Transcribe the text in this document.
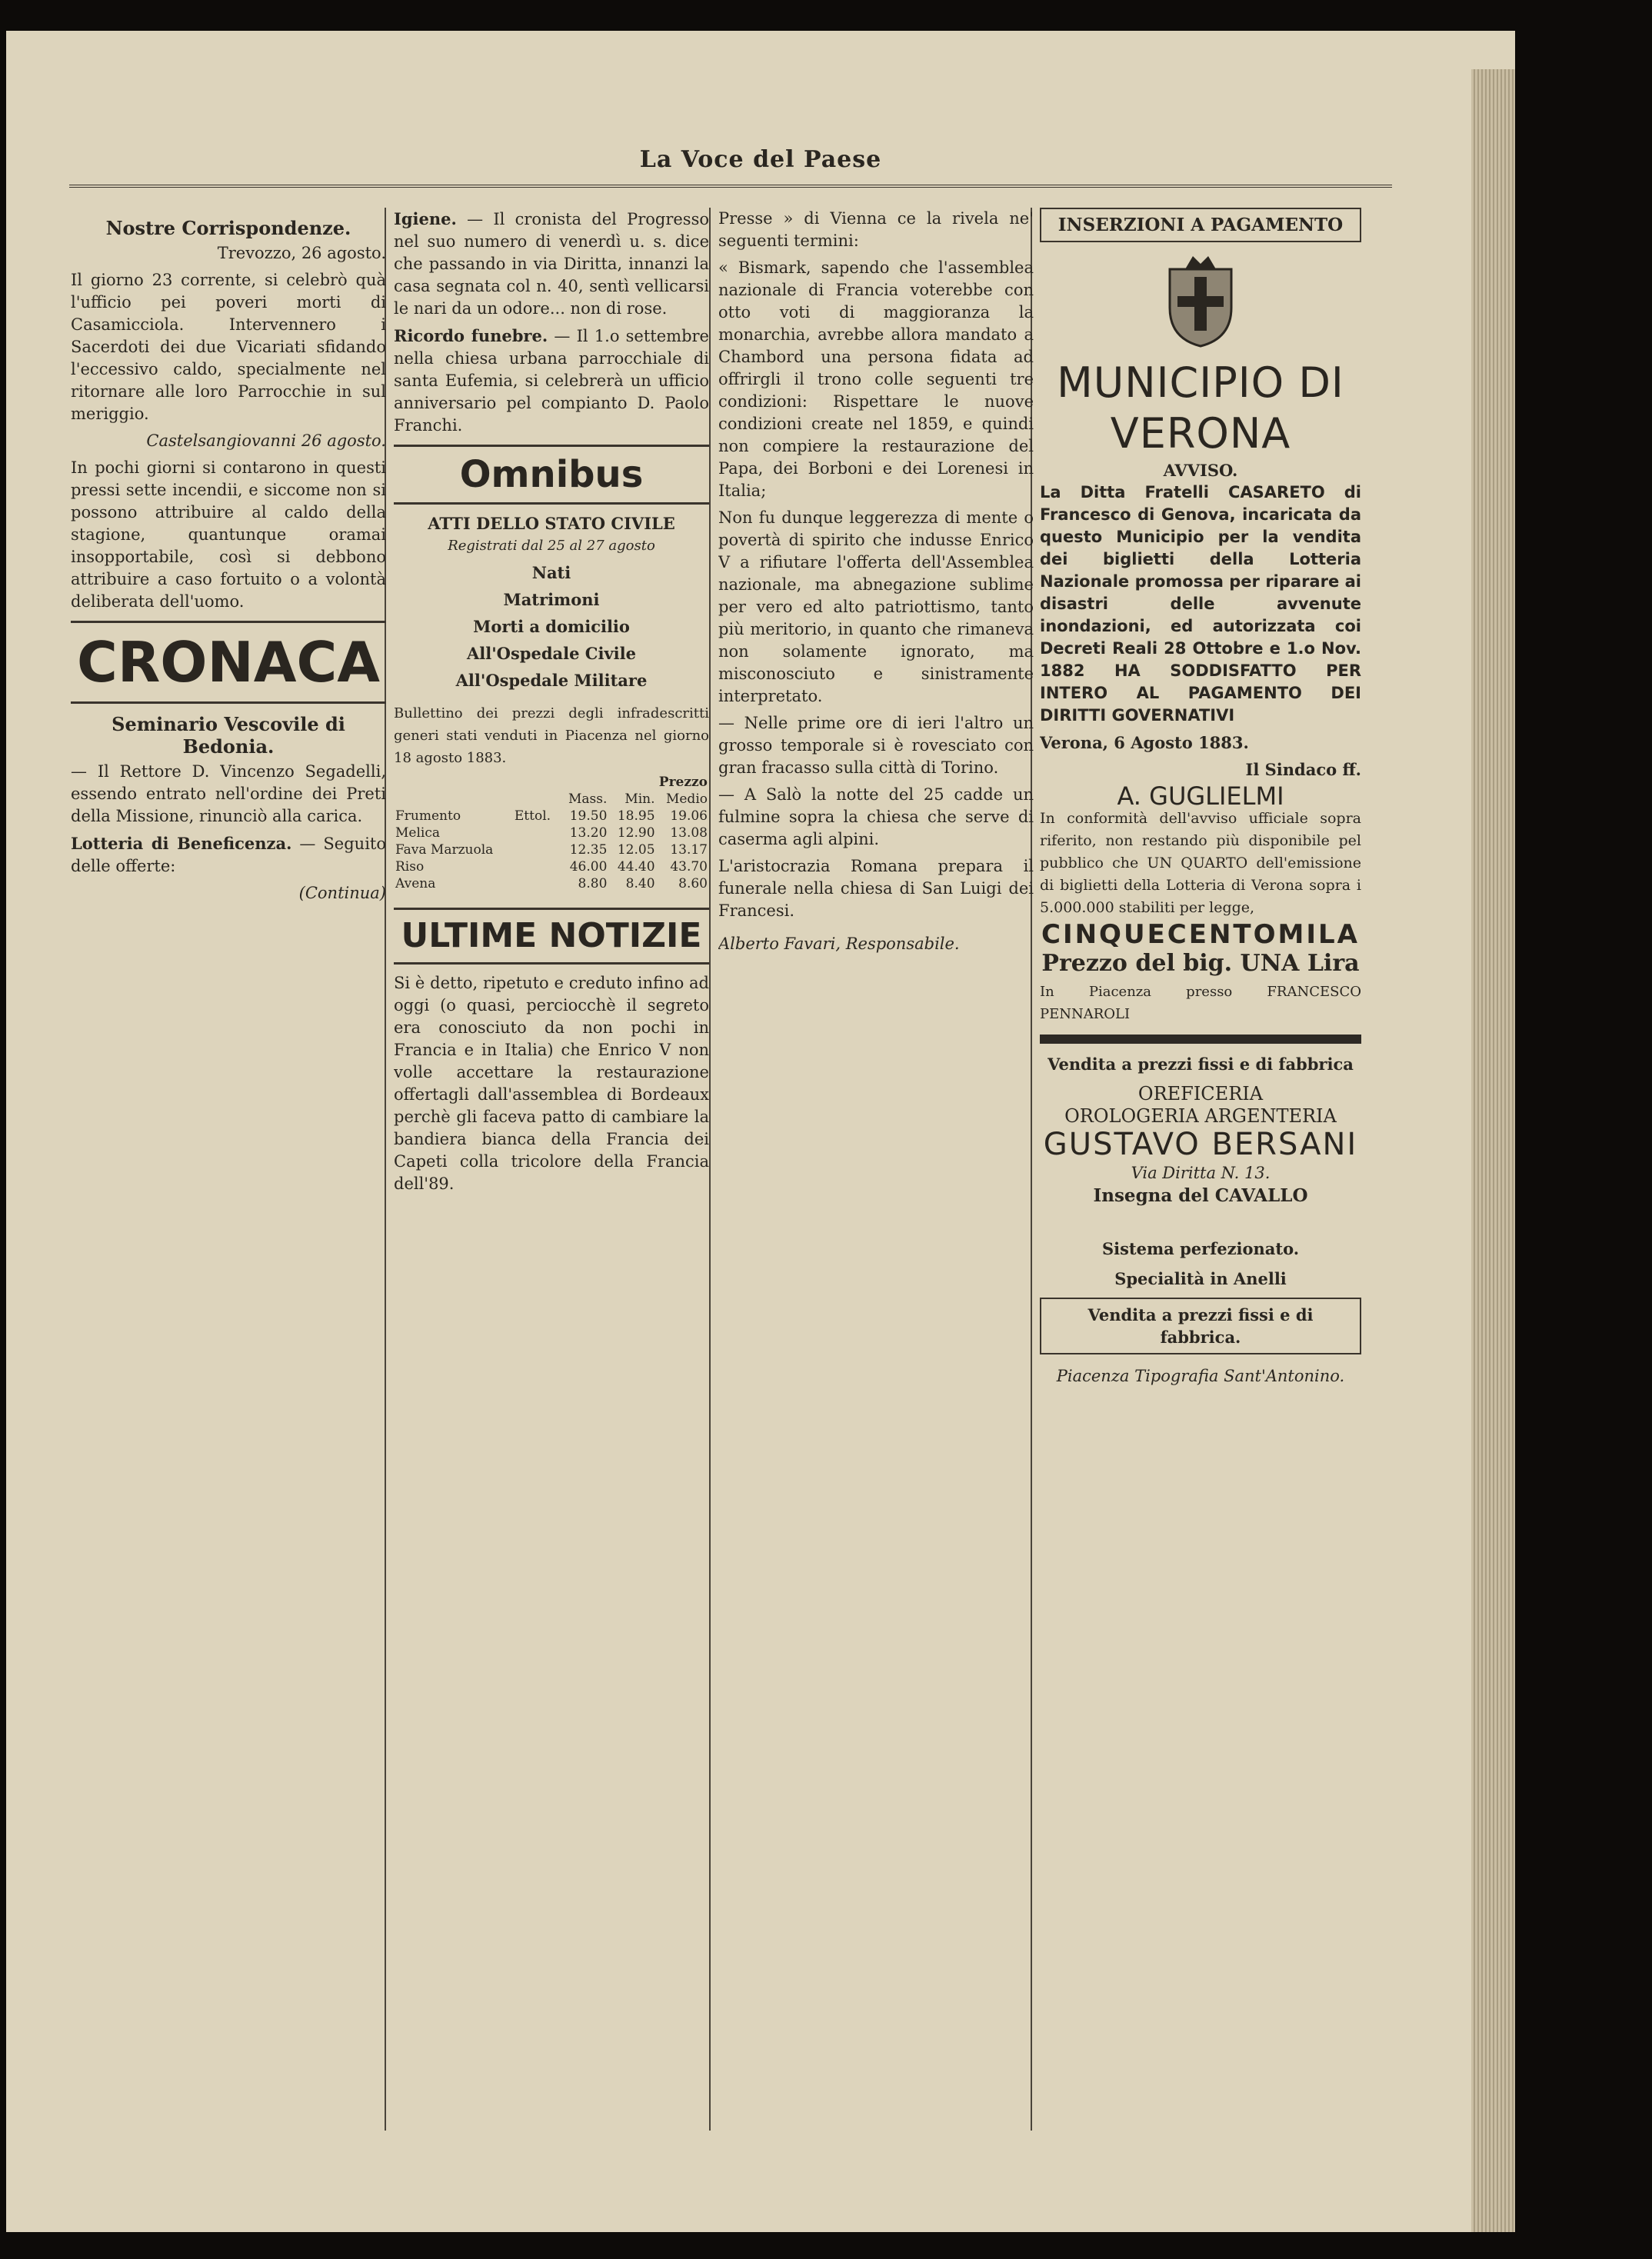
La Voce del Paese
Nostre Corrispondenze.

Trevozzo, 26 agosto.

Il giorno 23 corrente, si celebrò quà l'ufficio pei poveri morti di Casamicciola. Intervennero i Sacerdoti dei due Vicariati sfidando l'eccessivo caldo, specialmente nel ritornare alle loro Parrocchie in sul meriggio.

Castelsangiovanni 26 agosto.

In pochi giorni si contarono in questi pressi sette incendii, e siccome non si possono attribuire al caldo della stagione, quantunque oramai insopportabile, così si debbono attribuire a caso fortuito o a volontà deliberata dell'uomo.

CRONACA
Seminario Vescovile di Bedonia.

— Il Rettore D. Vincenzo Segadelli, essendo entrato nell'ordine dei Preti della Missione, rinunciò alla carica.

Lotteria di Beneficenza. — Seguito delle offerte:

(Continua)

Igiene. — Il cronista del Progresso nel suo numero di venerdì u. s. dice che passando in via Diritta, innanzi la casa segnata col n. 40, sentì vellicarsi le nari da un odore... non di rose.

Ricordo funebre. — Il 1.o settembre nella chiesa urbana parrocchiale di santa Eufemia, si celebrerà un ufficio anniversario pel compianto D. Paolo Franchi.

Omnibus
ATTI DELLO STATO CIVILE
Registrati dal 25 al 27 agosto
Nati
Matrimoni
Morti a domicilio
All'Ospedale Civile
All'Ospedale Militare

Bullettino dei prezzi degli infradescritti generi stati venduti in Piacenza nel giorno 18 agosto 1883.

		Prezzo		
		Mass.	Min.	Medio
Frumento	Ettol.	19.50	18.95	19.06
Melica		13.20	12.90	13.08
Fava Marzuola		12.35	12.05	13.17
Riso		46.00	44.40	43.70
Avena		8.80	8.40	8.60
ULTIME NOTIZIE

Si è detto, ripetuto e creduto infino ad oggi (o quasi, perciocchè il segreto era conosciuto da non pochi in Francia e in Italia) che Enrico V non volle accettare la restaurazione offertagli dall'assemblea di Bordeaux perchè gli faceva patto di cambiare la bandiera bianca della Francia dei Capeti colla tricolore della Francia dell'89.

Presse » di Vienna ce la rivela ne' seguenti termini:

« Bismark, sapendo che l'assemblea nazionale di Francia voterebbe con otto voti di maggioranza la monarchia, avrebbe allora mandato a Chambord una persona fidata ad offrirgli il trono colle seguenti tre condizioni: Rispettare le nuove condizioni create nel 1859, e quindi non compiere la restaurazione del Papa, dei Borboni e dei Lorenesi in Italia;

Non fu dunque leggerezza di mente o povertà di spirito che indusse Enrico V a rifiutare l'offerta dell'Assemblea nazionale, ma abnegazione sublime per vero ed alto patriottismo, tanto più meritorio, in quanto che rimaneva non solamente ignorato, ma misconosciuto e sinistramente interpretato.

— Nelle prime ore di ieri l'altro un grosso temporale si è rovesciato con gran fracasso sulla città di Torino.

— A Salò la notte del 25 cadde un fulmine sopra la chiesa che serve di caserma agli alpini.

L'aristocrazia Romana prepara il funerale nella chiesa di San Luigi dei Francesi.

Alberto Favari, Responsabile.

INSERZIONI A PAGAMENTO
MUNICIPIO DI VERONA
AVVISO.

La Ditta Fratelli CASARETO di Francesco di Genova, incaricata da questo Municipio per la vendita dei biglietti della Lotteria Nazionale promossa per riparare ai disastri delle avvenute inondazioni, ed autorizzata coi Decreti Reali 28 Ottobre e 1.o Nov. 1882 HA SODDISFATTO PER INTERO AL PAGAMENTO DEI DIRITTI GOVERNATIVI

Verona, 6 Agosto 1883.

Il Sindaco ff.

A. GUGLIELMI

In conformità dell'avviso ufficiale sopra riferito, non restando più disponibile pel pubblico che UN QUARTO dell'emissione di biglietti della Lotteria di Verona sopra i 5.000.000 stabiliti per legge,

CINQUECENTOMILA
Prezzo del big. UNA Lira

In Piacenza presso FRANCESCO PENNAROLI

Vendita a prezzi fissi e di fabbrica
OREFICERIA
OROLOGERIA ARGENTERIA
GUSTAVO BERSANI
Via Diritta N. 13.
Insegna del CAVALLO
Sistema perfezionato.
Specialità in Anelli
Vendita a prezzi fissi e di fabbrica.
Piacenza Tipografia Sant'Antonino.
